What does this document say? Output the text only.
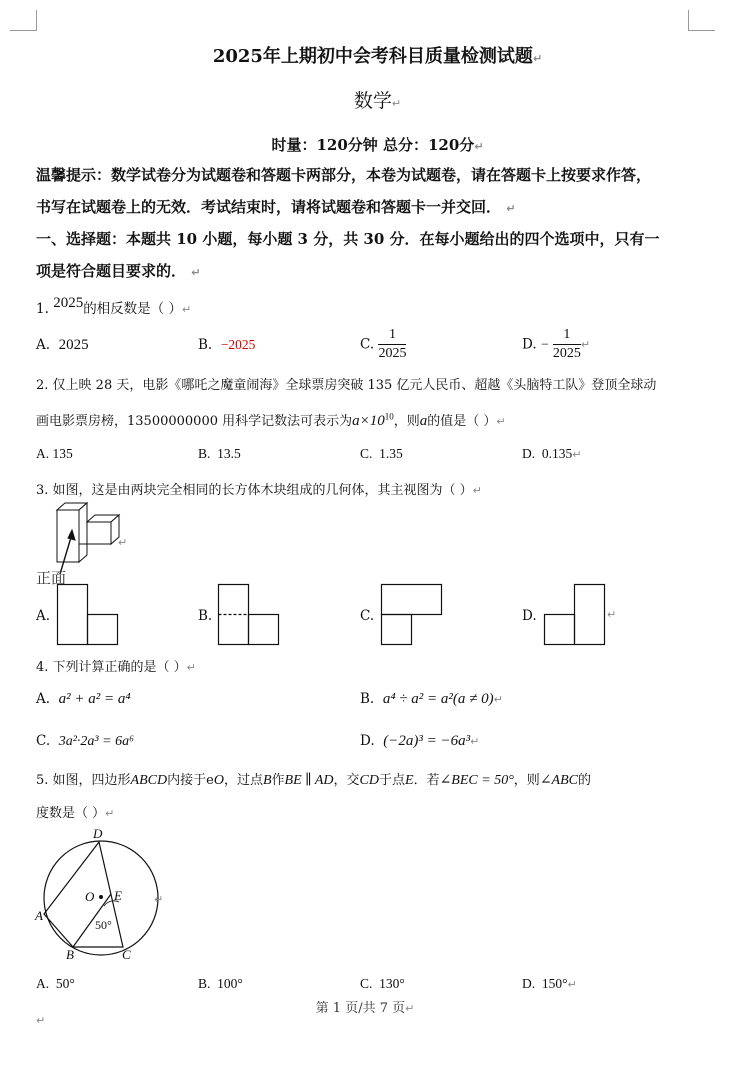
2025年上期初中会考科目质量检测试题↵
数学↵
时量：120分钟 总分：120分↵
温馨提示：数学试卷分为试题卷和答题卡两部分，本卷为试题卷，请在答题卡上按要求作答，
书写在试题卷上的无效．考试结束时，请将试题卷和答题卡一并交回． ↵
一、选择题：本题共 10 小题，每小题 3 分，共 30 分．在每小题给出的四个选项中，只有一
项是符合题目要求的． ↵
1. 2025的相反数是（ ）↵
A. 2025	B. −2025	C. $\frac{1}{2025}$	D. − $\frac{1}{2025}$ ↵
2. 仅上映 28 天，电影《哪吒之魔童闹海》全球票房突破 135 亿元人民币、超越《头脑特工队》登顶全球动
画电影票房榜，13500000000 用科学记数法可表示为$a\times 10^{10}$，则a的值是（ ）↵
A. 135	B. 13.5	C. 1.35	D. 0.135↵
3. 如图，这是由两块完全相同的长方体木块组成的几何体，其主视图为（ ）↵
↵
正面
A.	B.	C.	D.	↵
4. 下列计算正确的是（ ）↵
A. a² + a² = a⁴	B. a⁴ ÷ a² = a²(a ≠ 0)↵
C. 3a²·2a³ = 6a⁶	D. (−2a)³ = −6a³↵
5. 如图，四边形ABCD内接于eO，过点B作BE ∥ AD，交CD于点E．若∠BEC = 50°，则∠ABC的
度数是（ ）↵
D
O E
A
B	C
50°
↵
A. 50°	B. 100°	C. 130°	D. 150°↵
第 1 页/共 7 页↵
↵
